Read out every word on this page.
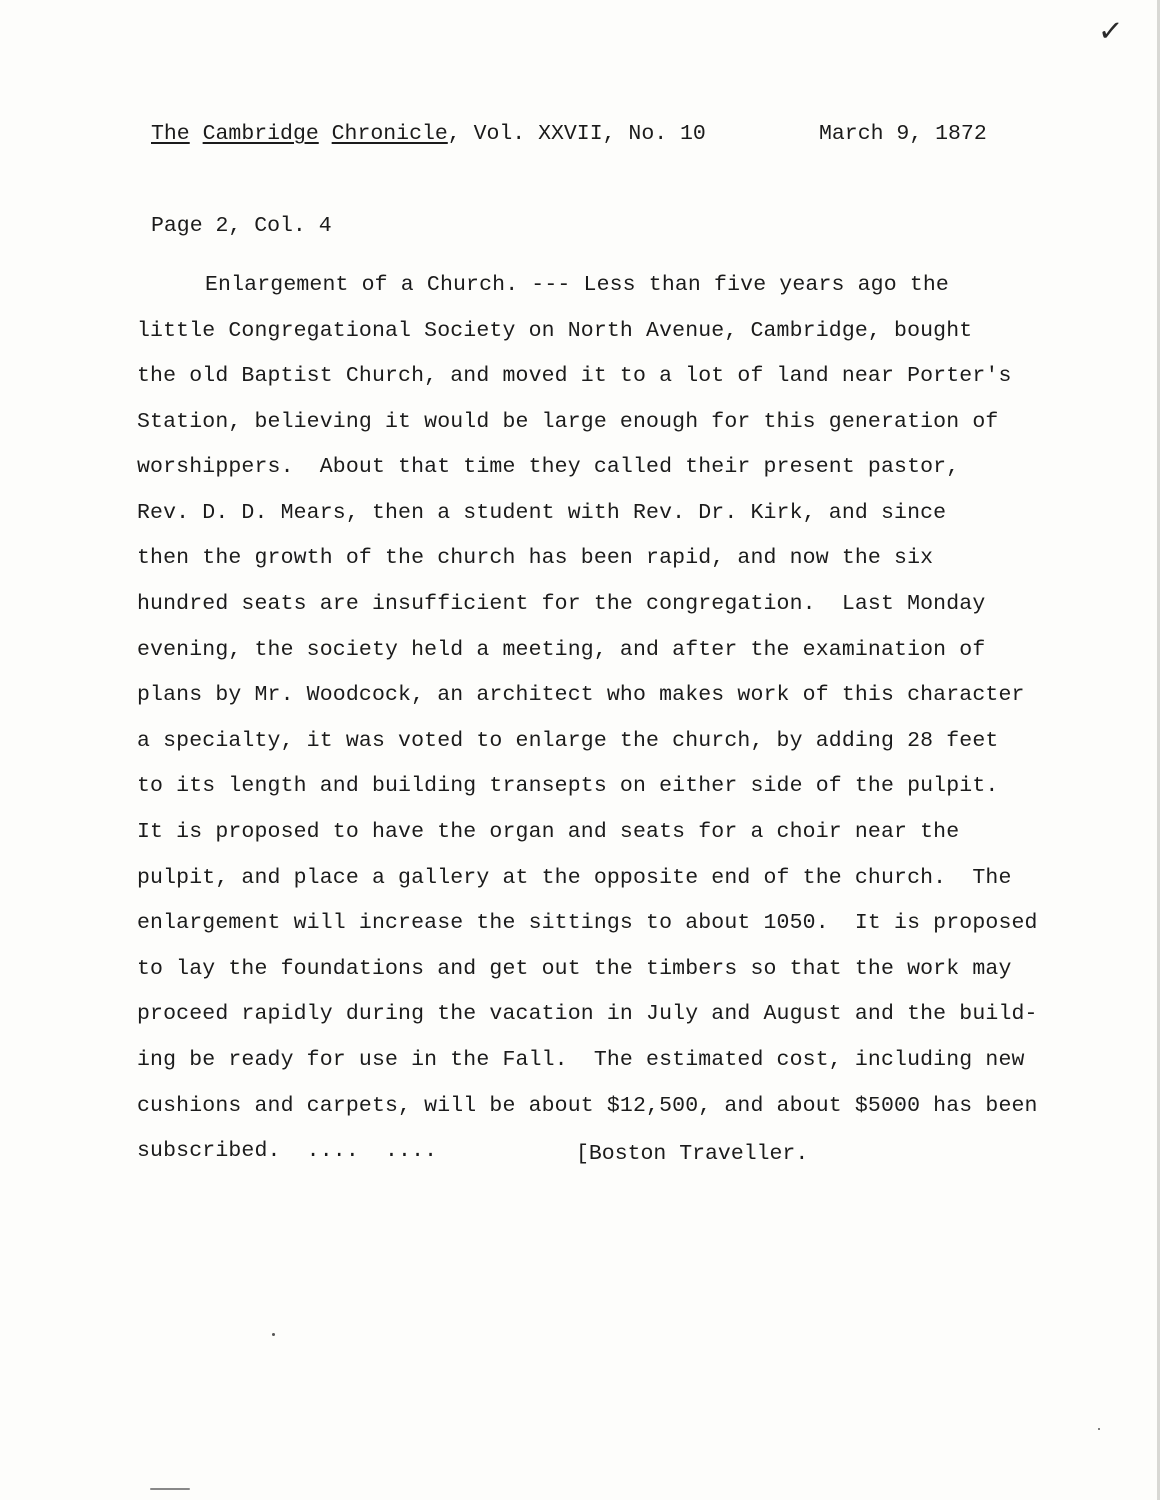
✓
The Cambridge Chronicle, Vol. XXVII, No. 10	March 9, 1872
Page 2, Col. 4
Enlargement of a Church. --- Less than five years ago the
little Congregational Society on North Avenue, Cambridge, bought
the old Baptist Church, and moved it to a lot of land near Porter's
Station, believing it would be large enough for this generation of
worshippers.  About that time they called their present pastor,
Rev. D. D. Mears, then a student with Rev. Dr. Kirk, and since
then the growth of the church has been rapid, and now the six
hundred seats are insufficient for the congregation.  Last Monday
evening, the society held a meeting, and after the examination of
plans by Mr. Woodcock, an architect who makes work of this character
a specialty, it was voted to enlarge the church, by adding 28 feet
to its length and building transepts on either side of the pulpit.
It is proposed to have the organ and seats for a choir near the
pulpit, and place a gallery at the opposite end of the church.  The
enlargement will increase the sittings to about 1050.  It is proposed
to lay the foundations and get out the timbers so that the work may
proceed rapidly during the vacation in July and August and the build-
ing be ready for use in the Fall.  The estimated cost, including new
cushions and carpets, will be about $12,500, and about $5000 has been
subscribed.  ....  ....	[Boston Traveller.
